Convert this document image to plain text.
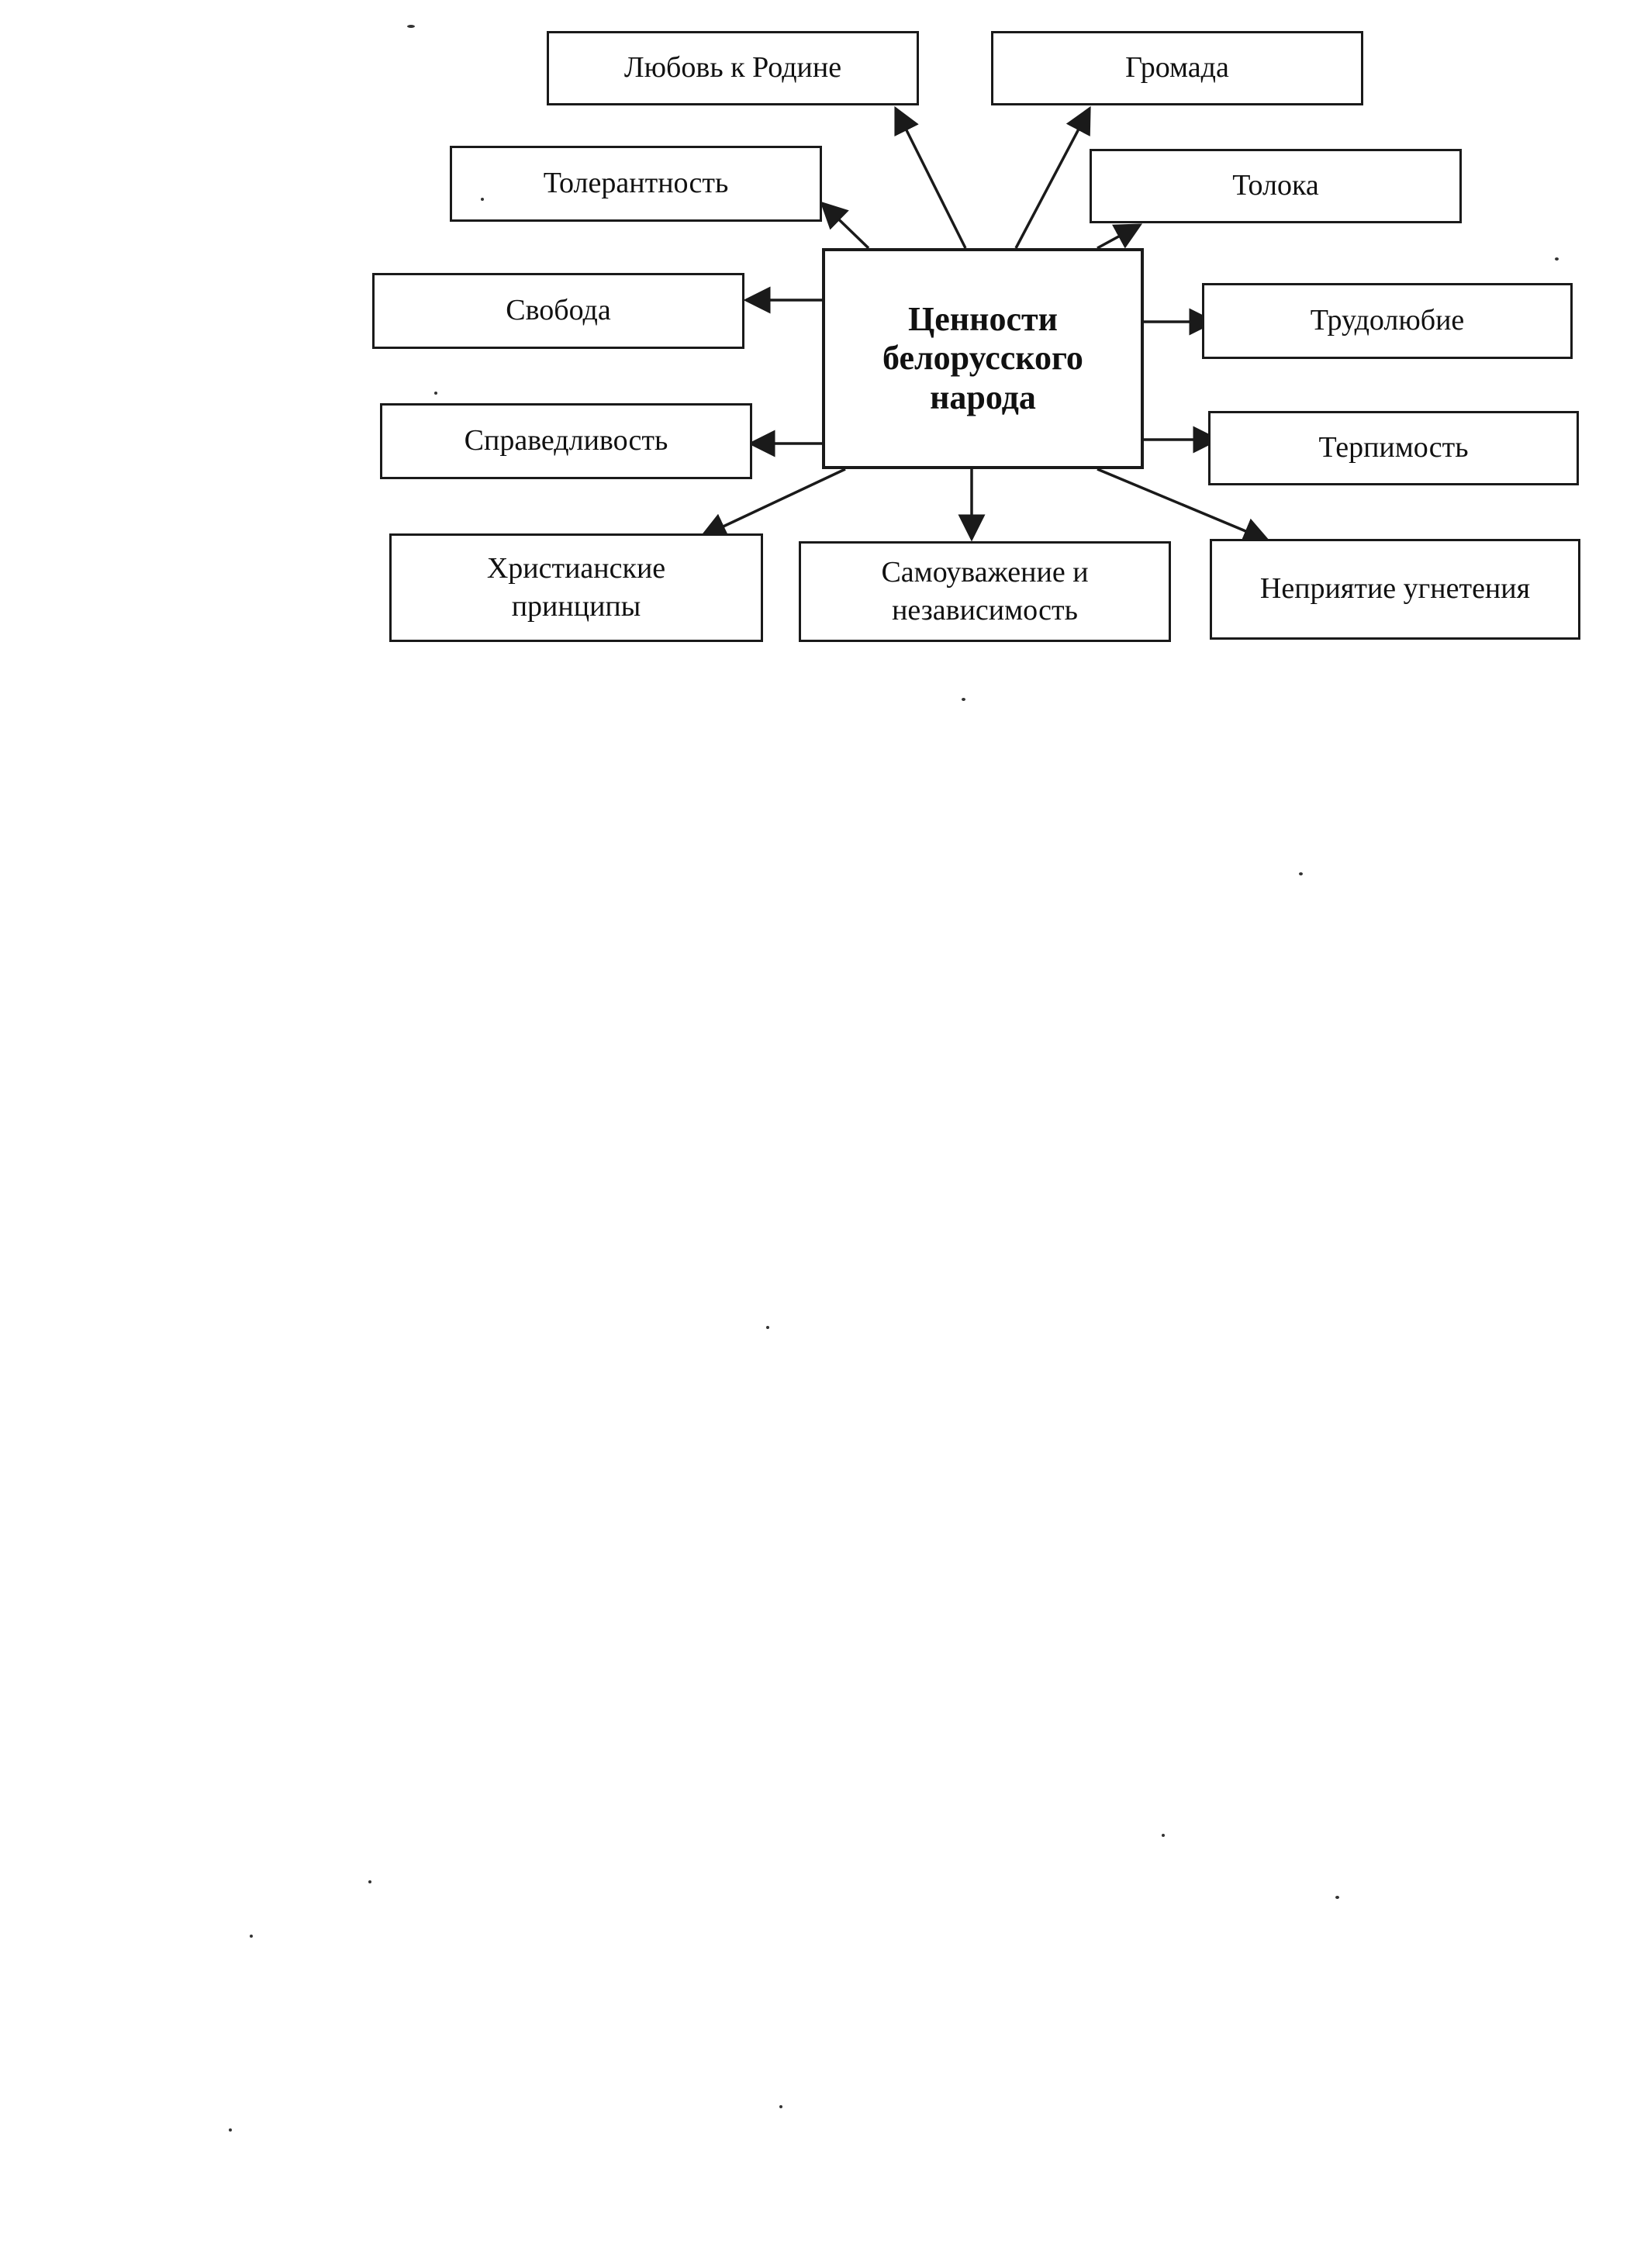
Ценности
белорусского
народа
Любовь к Родине	Громада
Толерантность	Толока
Свобода	Трудолюбие
Справедливость	Терпимость
Христианские
принципы
Самоуважение и
независимость
Неприятие угнетения
